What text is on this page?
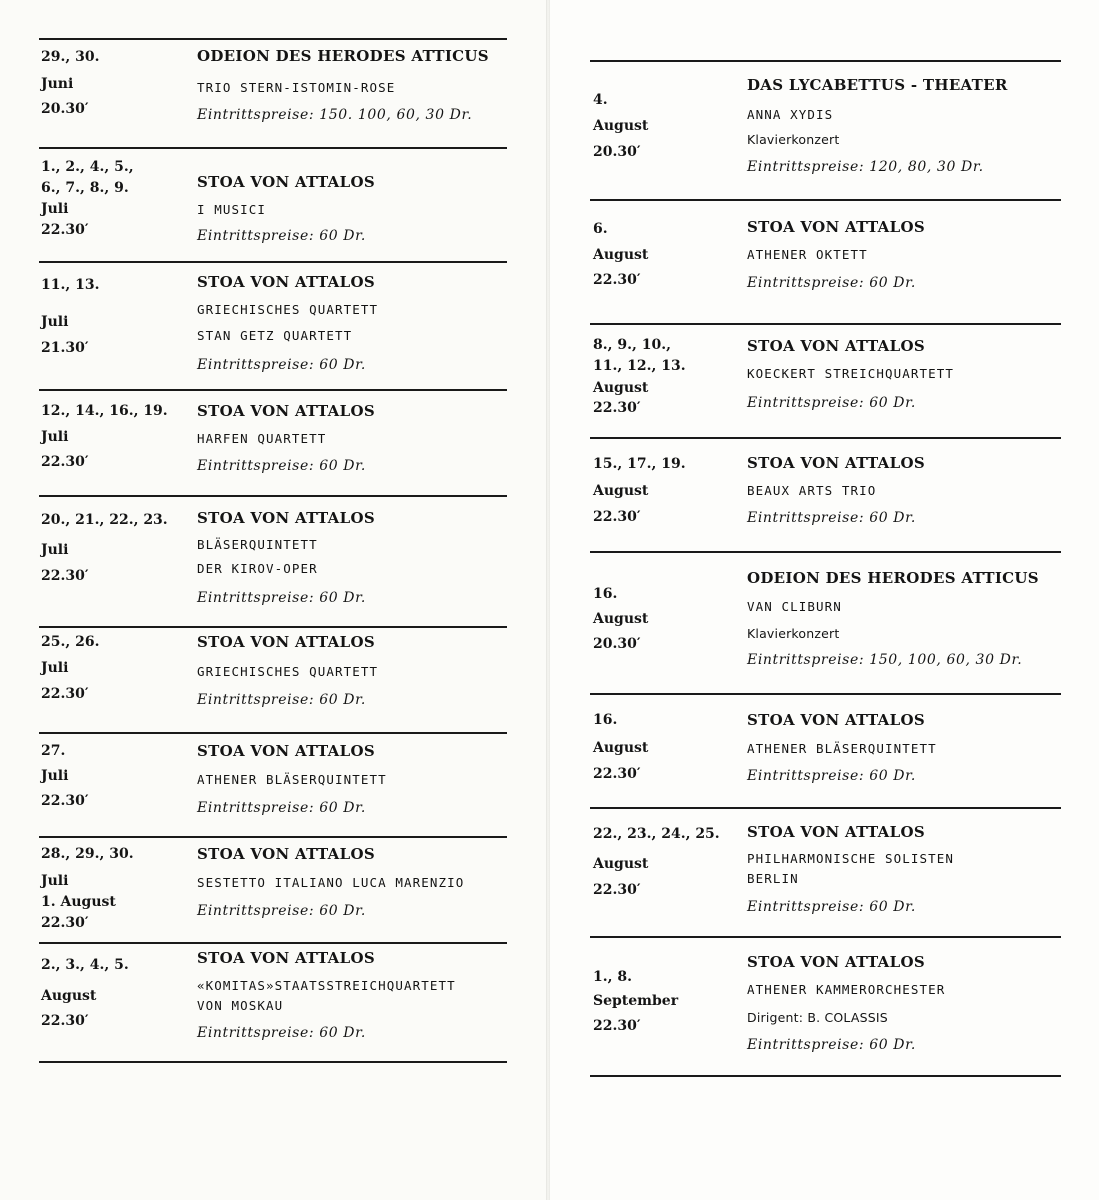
29., 30.

Juni

20.30′

ODEION DES HERODES ATTICUS

TRIO STERN-ISTOMIN-ROSE

Eintrittspreise: 150. 100, 60, 30 Dr.

1., 2., 4., 5.,

6., 7., 8., 9.

Juli

22.30′

STOA VON ATTALOS

I MUSICI

Eintrittspreise: 60 Dr.

11., 13.

Juli

21.30′

STOA VON ATTALOS

GRIECHISCHES QUARTETT

STAN GETZ QUARTETT

Eintrittspreise: 60 Dr.

12., 14., 16., 19.

Juli

22.30′

STOA VON ATTALOS

HARFEN QUARTETT

Eintrittspreise: 60 Dr.

20., 21., 22., 23.

Juli

22.30′

STOA VON ATTALOS

BLÄSERQUINTETT

DER KIROV-OPER

Eintrittspreise: 60 Dr.

25., 26.

Juli

22.30′

STOA VON ATTALOS

GRIECHISCHES QUARTETT

Eintrittspreise: 60 Dr.

27.

Juli

22.30′

STOA VON ATTALOS

ATHENER BLÄSERQUINTETT

Eintrittspreise: 60 Dr.

28., 29., 30.

Juli

1. August

22.30′

STOA VON ATTALOS

SESTETTO ITALIANO LUCA MARENZIO

Eintrittspreise: 60 Dr.

2., 3., 4., 5.

August

22.30′

STOA VON ATTALOS

«KOMITAS»STAATSSTREICHQUARTETT

VON MOSKAU

Eintrittspreise: 60 Dr.

4.

August

20.30′

DAS LYCABETTUS - THEATER

ANNA XYDIS

Klavierkonzert

Eintrittspreise: 120, 80, 30 Dr.

6.

August

22.30′

STOA VON ATTALOS

ATHENER OKTETT

Eintrittspreise: 60 Dr.

8., 9., 10.,

11., 12., 13.

August

22.30′

STOA VON ATTALOS

KOECKERT STREICHQUARTETT

Eintrittspreise: 60 Dr.

15., 17., 19.

August

22.30′

STOA VON ATTALOS

BEAUX ARTS TRIO

Eintrittspreise: 60 Dr.

16.

August

20.30′

ODEION DES HERODES ATTICUS

VAN CLIBURN

Klavierkonzert

Eintrittspreise: 150, 100, 60, 30 Dr.

16.

August

22.30′

STOA VON ATTALOS

ATHENER BLÄSERQUINTETT

Eintrittspreise: 60 Dr.

22., 23., 24., 25.

August

22.30′

STOA VON ATTALOS

PHILHARMONISCHE SOLISTEN

BERLIN

Eintrittspreise: 60 Dr.

1., 8.

September

22.30′

STOA VON ATTALOS

ATHENER KAMMERORCHESTER

Dirigent: B. COLASSIS

Eintrittspreise: 60 Dr.
